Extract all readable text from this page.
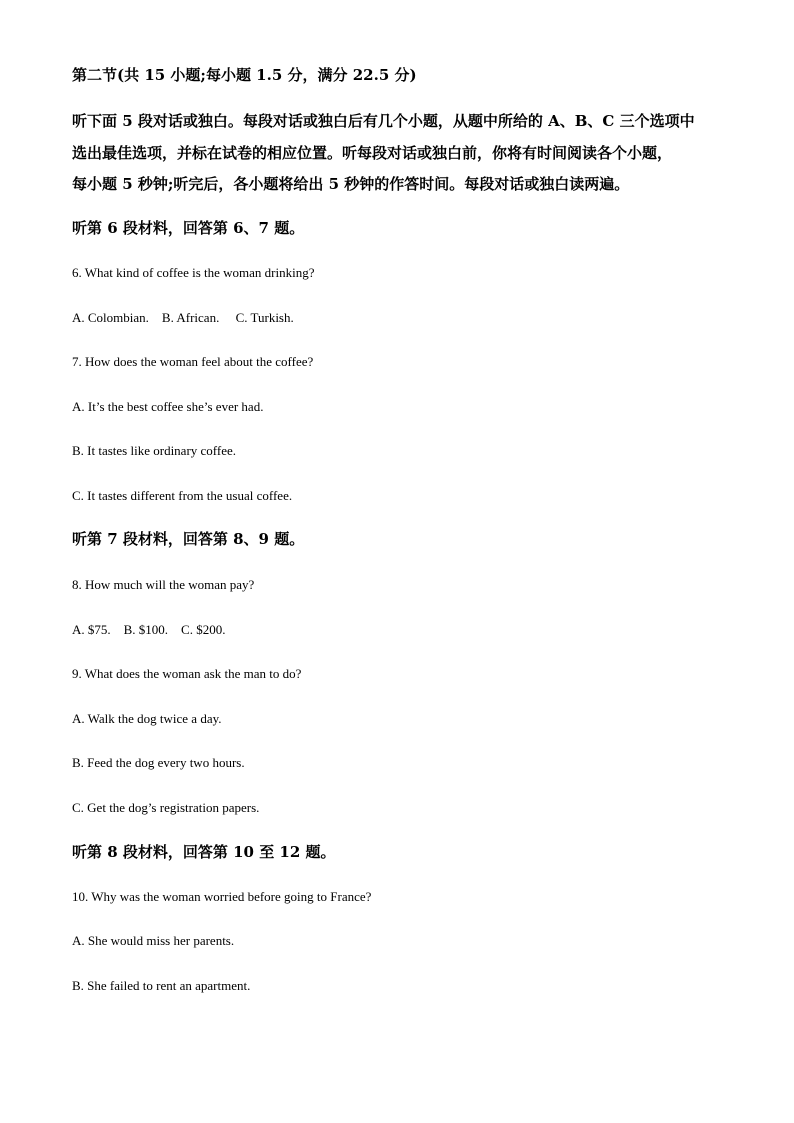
第二节(共 15 小题;每小题 1.5 分，满分 22.5 分)
听下面 5 段对话或独白。每段对话或独白后有几个小题，从题中所给的 A、B、C 三个选项中
选出最佳选项，并标在试卷的相应位置。听每段对话或独白前，你将有时间阅读各个小题，
每小题 5 秒钟;听完后，各小题将给出 5 秒钟的作答时间。每段对话或独白读两遍。
听第 6 段材料，回答第 6、7 题。
6. What kind of coffee is the woman drinking?
A. Colombian.    B. African.     C. Turkish.
7. How does the woman feel about the coffee?
A. It’s the best coffee she’s ever had.
B. It tastes like ordinary coffee.
C. It tastes different from the usual coffee.
听第 7 段材料，回答第 8、9 题。
8. How much will the woman pay?
A. $75.    B. $100.    C. $200.
9. What does the woman ask the man to do?
A. Walk the dog twice a day.
B. Feed the dog every two hours.
C. Get the dog’s registration papers.
听第 8 段材料，回答第 10 至 12 题。
10. Why was the woman worried before going to France?
A. She would miss her parents.
B. She failed to rent an apartment.
